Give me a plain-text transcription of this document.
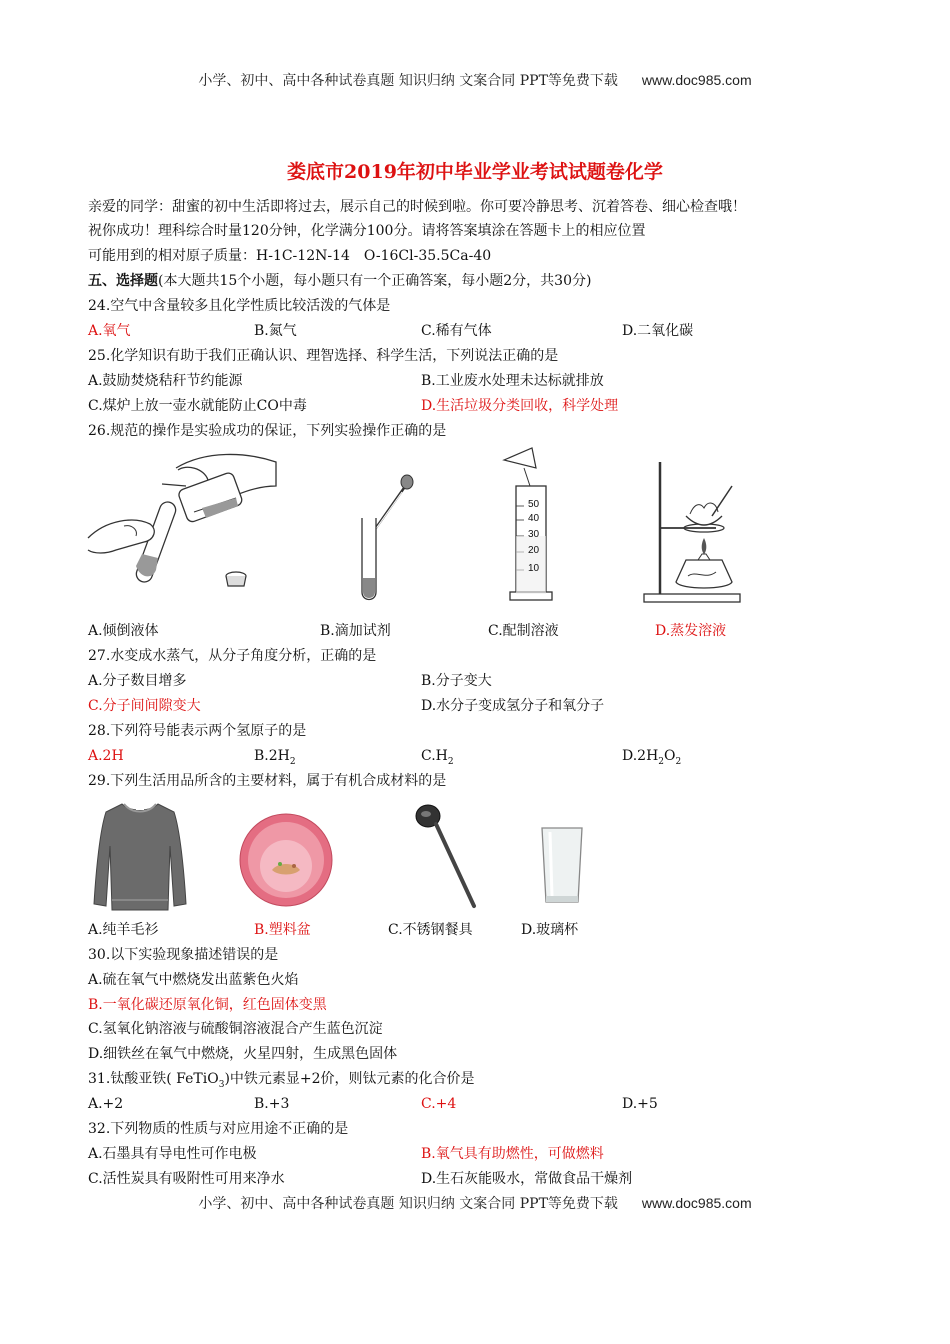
小学、初中、高中各种试卷真题 知识归纳 文案合同 PPT等免费下载 www.doc985.com
娄底市2019年初中毕业学业考试试题卷化学
亲爱的同学：甜蜜的初中生活即将过去，展示自己的时候到啦。你可要冷静思考、沉着答卷、细心检查哦！
祝你成功！理科综合时量120分钟，化学满分100分。请将答案填涂在答题卡上的相应位置
可能用到的相对原子质量：H-1C-12N-14　O-16Cl-35.5Ca-40
五、选择题(本大题共15个小题，每小题只有一个正确答案，每小题2分，共30分)
24.空气中含量较多且化学性质比较活泼的气体是
A.氧气	B.氮气	C.稀有气体	D.二氧化碳
25.化学知识有助于我们正确认识、理智选择、科学生活，下列说法正确的是
A.鼓励焚烧秸秆节约能源	B.工业废水处理未达标就排放
C.煤炉上放一壶水就能防止CO中毒	D.生活垃圾分类回收，科学处理
26.规范的操作是实验成功的保证，下列实验操作正确的是
50
40
30
20
10
A.倾倒液体	B.滴加试剂	C.配制溶液	D.蒸发溶液
27.水变成水蒸气，从分子角度分析，正确的是
A.分子数目增多	B.分子变大
C.分子间间隙变大	D.水分子变成氢分子和氧分子
28.下列符号能表示两个氢原子的是
A.2H	$B.2H_2$	$C.H_2$	$D.2H_2O_2$
29.下列生活用品所含的主要材料，属于有机合成材料的是
A.纯羊毛衫	B.塑料盆	C.不锈钢餐具	D.玻璃杯
30.以下实验现象描述错误的是
A.硫在氧气中燃烧发出蓝紫色火焰
B.一氧化碳还原氧化铜，红色固体变黑
C.氢氧化钠溶液与硫酸铜溶液混合产生蓝色沉淀
D.细铁丝在氧气中燃烧，火星四射，生成黑色固体
31.钛酸亚铁( FeTiO$_3$)中铁元素显+2价，则钛元素的化合价是
A.+2	B.+3	C.+4	D.+5
32.下列物质的性质与对应用途不正确的是
A.石墨具有导电性可作电极	B.氧气具有助燃性，可做燃料
C.活性炭具有吸附性可用来净水	D.生石灰能吸水，常做食品干燥剂
小学、初中、高中各种试卷真题 知识归纳 文案合同 PPT等免费下载 www.doc985.com
